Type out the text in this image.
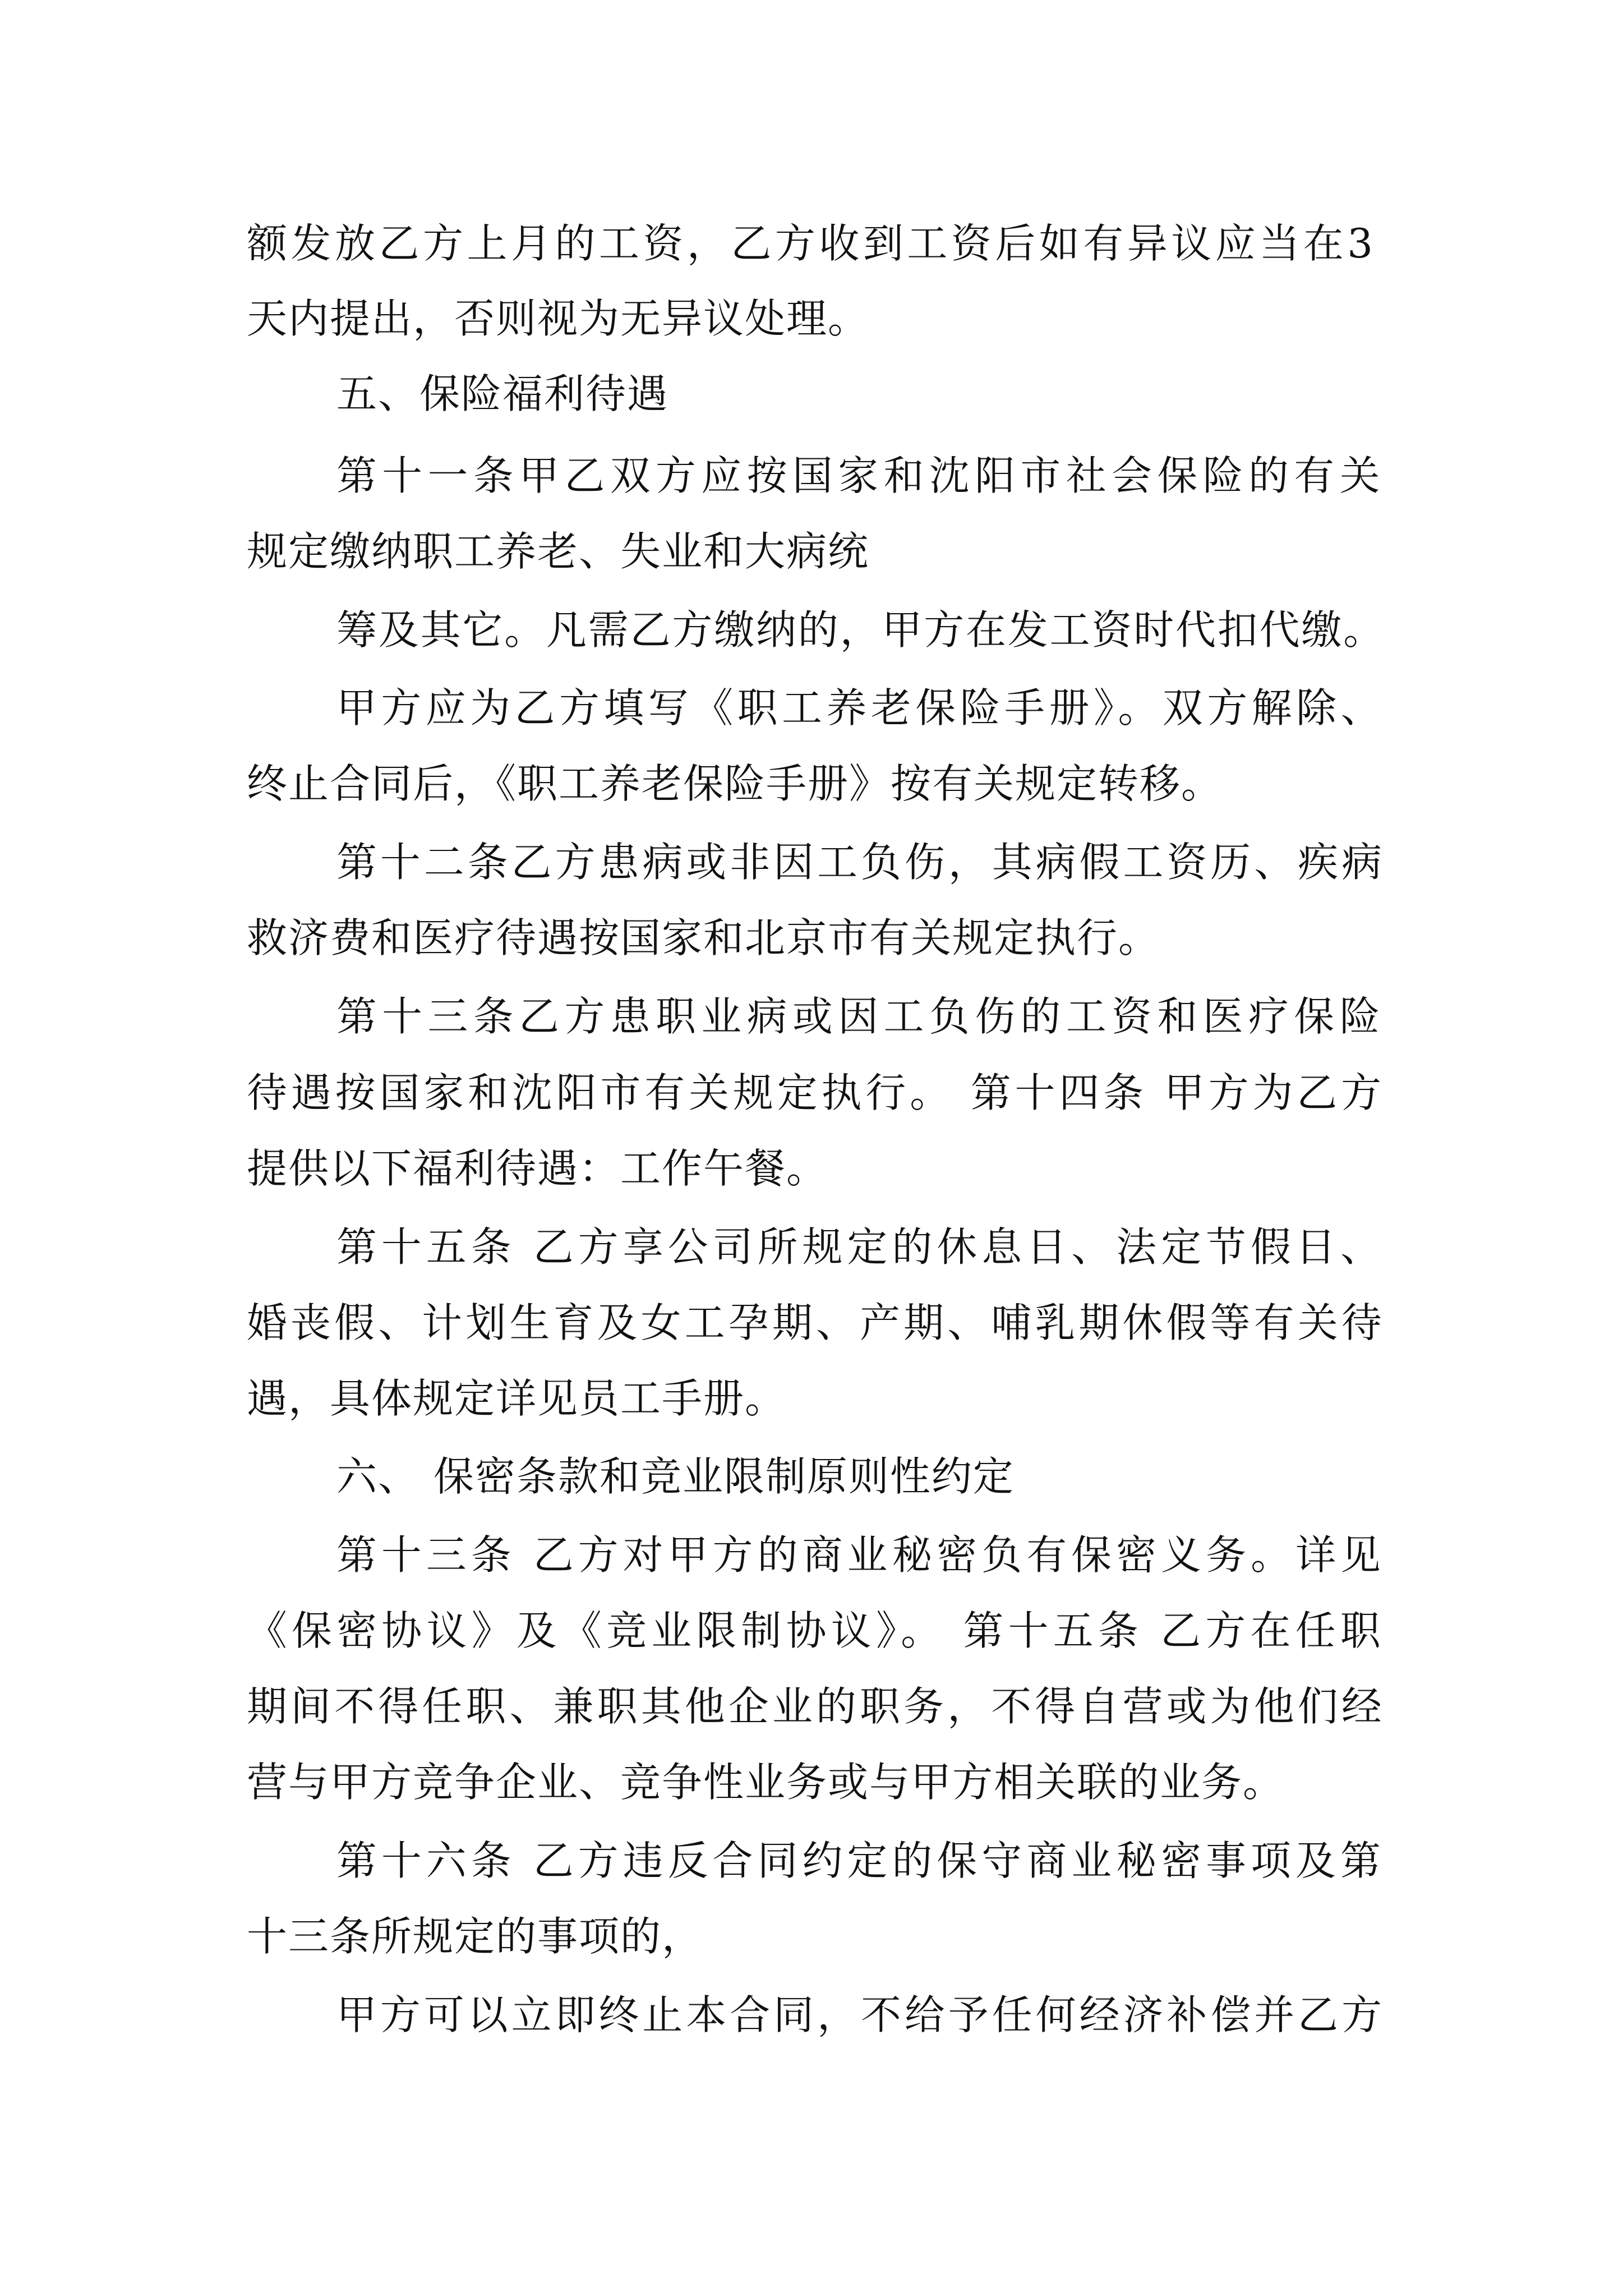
额发放乙方上月的工资，乙方收到工资后如有异议应当在3
天内提出，否则视为无异议处理。
五、保险福利待遇
第十一条甲乙双方应按国家和沈阳市社会保险的有关
规定缴纳职工养老、失业和大病统
筹及其它。凡需乙方缴纳的，甲方在发工资时代扣代缴。
甲方应为乙方填写《职工养老保险手册》。双方解除、
终止合同后，《职工养老保险手册》按有关规定转移。
第十二条乙方患病或非因工负伤，其病假工资历、疾病
救济费和医疗待遇按国家和北京市有关规定执行。
第十三条乙方患职业病或因工负伤的工资和医疗保险
待遇按国家和沈阳市有关规定执行。 第十四条 甲方为乙方
提供以下福利待遇：工作午餐。
第十五条 乙方享公司所规定的休息日、法定节假日、
婚丧假、计划生育及女工孕期、产期、哺乳期休假等有关待
遇，具体规定详见员工手册。
六、 保密条款和竞业限制原则性约定
第十三条 乙方对甲方的商业秘密负有保密义务。详见
《保密协议》及《竞业限制协议》。 第十五条 乙方在任职
期间不得任职、兼职其他企业的职务，不得自营或为他们经
营与甲方竞争企业、竞争性业务或与甲方相关联的业务。
第十六条 乙方违反合同约定的保守商业秘密事项及第
十三条所规定的事项的，
甲方可以立即终止本合同，不给予任何经济补偿并乙方
